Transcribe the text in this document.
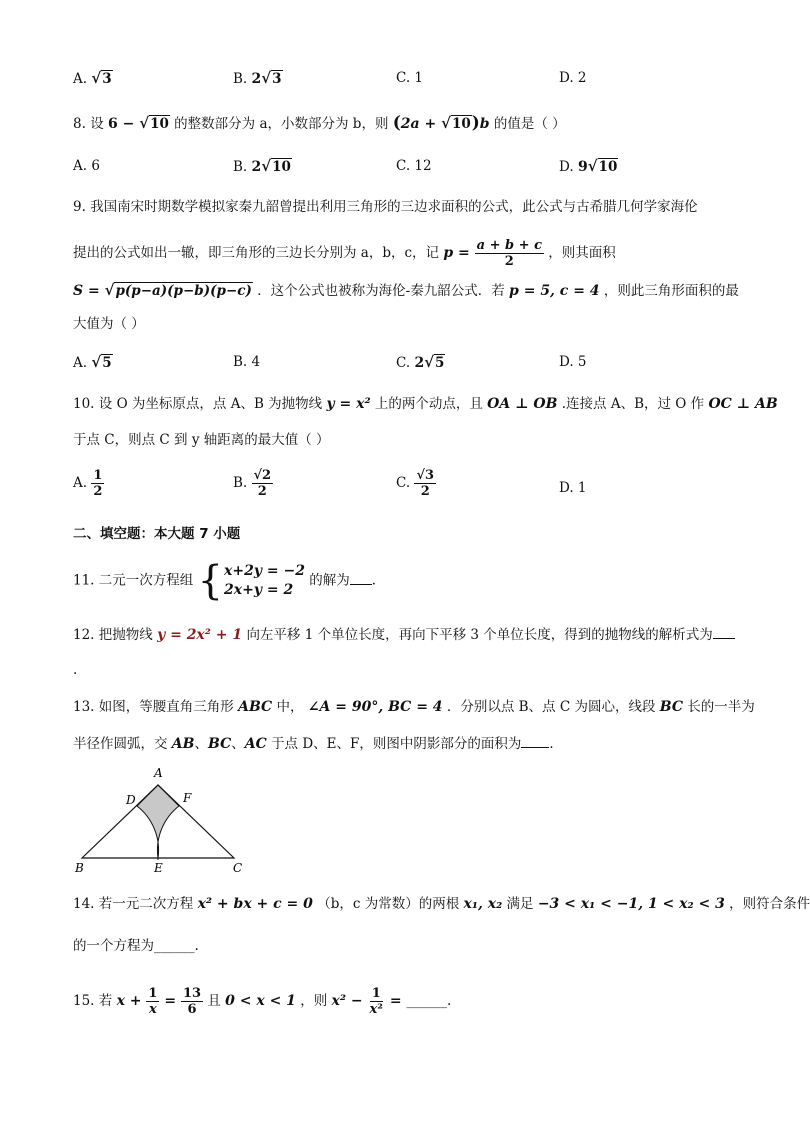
A. √3	B. 2√3	C. 1	D. 2
8. 设 6 − √10 的整数部分为 a，小数部分为 b，则 (2a + √10)b 的值是（ ）
A. 6	B. 2√10	C. 12	D. 9√10
9. 我国南宋时期数学模拟家秦九韶曾提出利用三角形的三边求面积的公式，此公式与古希腊几何学家海伦
提出的公式如出一辙，即三角形的三边长分别为 a，b，c，记 $p = \frac{a + b + c}{2}$ ，则其面积
S = √p(p−a)(p−b)(p−c) ．这个公式也被称为海伦-秦九韶公式．若 p = 5, c = 4 ，则此三角形面积的最
大值为（ ）
A. √5	B. 4	C. 2√5	D. 5
10. 设 O 为坐标原点，点 A、B 为抛物线 y = x² 上的两个动点，且 OA ⊥ OB .连接点 A、B，过 O 作 OC ⊥ AB
于点 C，则点 C 到 y 轴距离的最大值（ ）
A. $\frac{1}{2}$	B. $\frac{√2}{2}$	C. $\frac{√3}{2}$	D. 1
二、填空题：本大题 7 小题
11. 二元一次方程组 { x+2y = −2
2x+y = 2
的解为 ．
12. 把抛物线 y = 2x² + 1 向左平移 1 个单位长度，再向下平移 3 个单位长度，得到的抛物线的解析式为
.
13. 如图，等腰直角三角形 ABC 中， ∠A = 90°, BC = 4 ．分别以点 B、点 C 为圆心，线段 BC 长的一半为
半径作圆弧，交 AB、BC、AC 于点 D、E、F，则图中阴影部分的面积为 ．
A
B	C
D
E
F
14. 若一元二次方程 x² + bx + c = 0 （b，c 为常数）的两根 x₁, x₂ 满足 −3 < x₁ < −1, 1 < x₂ < 3 ，则符合条件
的一个方程为______.
15. 若 $x + \frac{1}{x} = \frac{13}{6}$ 且 0 < x < 1 ，则 $x^2 - \frac{1}{\text{x²}}$ = ______.
